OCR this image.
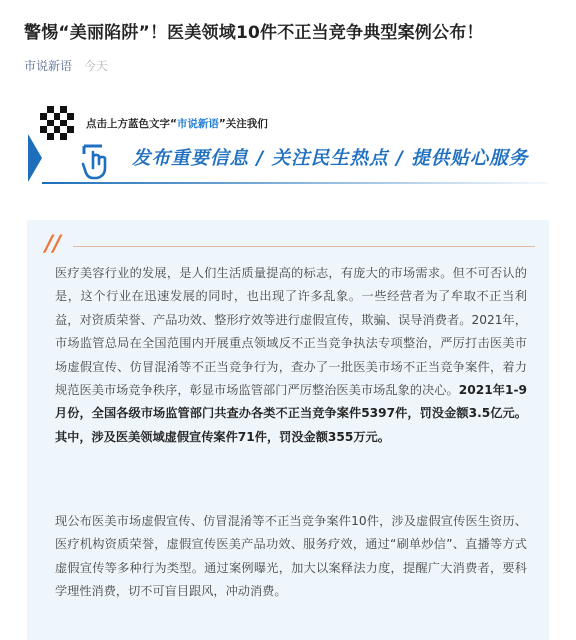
警惕“美丽陷阱”！医美领域10件不正当竞争典型案例公布！
市说新语 今天
点击上方蓝色文字“市说新语”关注我们
发布重要信息 / 关注民生热点 / 提供贴心服务
//
医疗美容行业的发展，是人们生活质量提高的标志，有庞大的市场需求。但不可否认的是，这个行业在迅速发展的同时，也出现了许多乱象。一些经营者为了牟取不正当利益，对资质荣誉、产品功效、整形疗效等进行虚假宣传，欺骗、误导消费者。2021年，市场监管总局在全国范围内开展重点领域反不正当竞争执法专项整治，严厉打击医美市场虚假宣传、仿冒混淆等不正当竞争行为，查办了一批医美市场不正当竞争案件，着力规范医美市场竞争秩序，彰显市场监管部门严厉整治医美市场乱象的决心。2021年1-9月份，全国各级市场监管部门共查办各类不正当竞争案件5397件，罚没金额3.5亿元。其中，涉及医美领域虚假宣传案件71件，罚没金额355万元。
现公布医美市场虚假宣传、仿冒混淆等不正当竞争案件10件，涉及虚假宣传医生资历、医疗机构资质荣誉，虚假宣传医美产品功效、服务疗效，通过“刷单炒信”、直播等方式虚假宣传等多种行为类型。通过案例曝光，加大以案释法力度，提醒广大消费者，要科学理性消费，切不可盲目跟风，冲动消费。
